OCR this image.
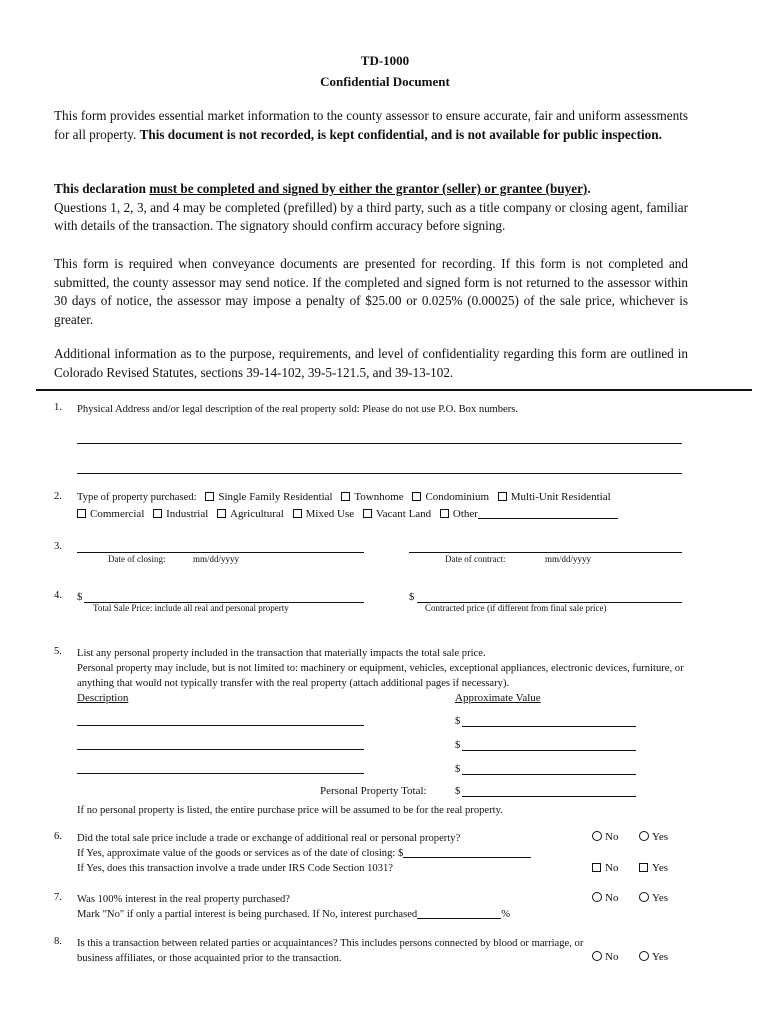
TD-1000
Confidential Document
This form provides essential market information to the county assessor to ensure accurate, fair and uniform assessments for all property. This document is not recorded, is kept confidential, and is not available for public inspection.
This declaration must be completed and signed by either the grantor (seller) or grantee (buyer).
Questions 1, 2, 3, and 4 may be completed (prefilled) by a third party, such as a title company or closing agent, familiar with details of the transaction. The signatory should confirm accuracy before signing.
This form is required when conveyance documents are presented for recording. If this form is not completed and submitted, the county assessor may send notice. If the completed and signed form is not returned to the assessor within 30 days of notice, the assessor may impose a penalty of $25.00 or 0.025% (0.00025) of the sale price, whichever is greater.
Additional information as to the purpose, requirements, and level of confidentiality regarding this form are outlined in Colorado Revised Statutes, sections 39-14-102, 39-5-121.5, and 39-13-102.
1. Physical Address and/or legal description of the real property sold: Please do not use P.O. Box numbers.
2. Type of property purchased: Single Family Residential Townhome Condominium Multi-Unit Residential
Commercial Industrial Agricultural Mixed Use Vacant Land Other
3.
Date of closing:	mm/dd/yyyy	Date of contract:	mm/dd/yyyy
4. $
Total Sale Price: include all real and personal property
$
Contracted price (if different from final sale price)
5. List any personal property included in the transaction that materially impacts the total sale price.
Personal property may include, but is not limited to: machinery or equipment, vehicles, exceptional appliances, electronic devices, furniture, or anything that would not typically transfer with the real property (attach additional pages if necessary).
Description	Approximate Value
$
$
$
Personal Property Total:	$
If no personal property is listed, the entire purchase price will be assumed to be for the real property.
6. Did the total sale price include a trade or exchange of additional real or personal property?	No	Yes
If Yes, approximate value of the goods or services as of the date of closing: $
If Yes, does this transaction involve a trade under IRS Code Section 1031?	No	Yes
7. Was 100% interest in the real property purchased?	No	Yes
Mark "No" if only a partial interest is being purchased. If No, interest purchased	%
8. Is this a transaction between related parties or acquaintances? This includes persons connected by blood or marriage, or
business affiliates, or those acquainted prior to the transaction.	No	Yes
